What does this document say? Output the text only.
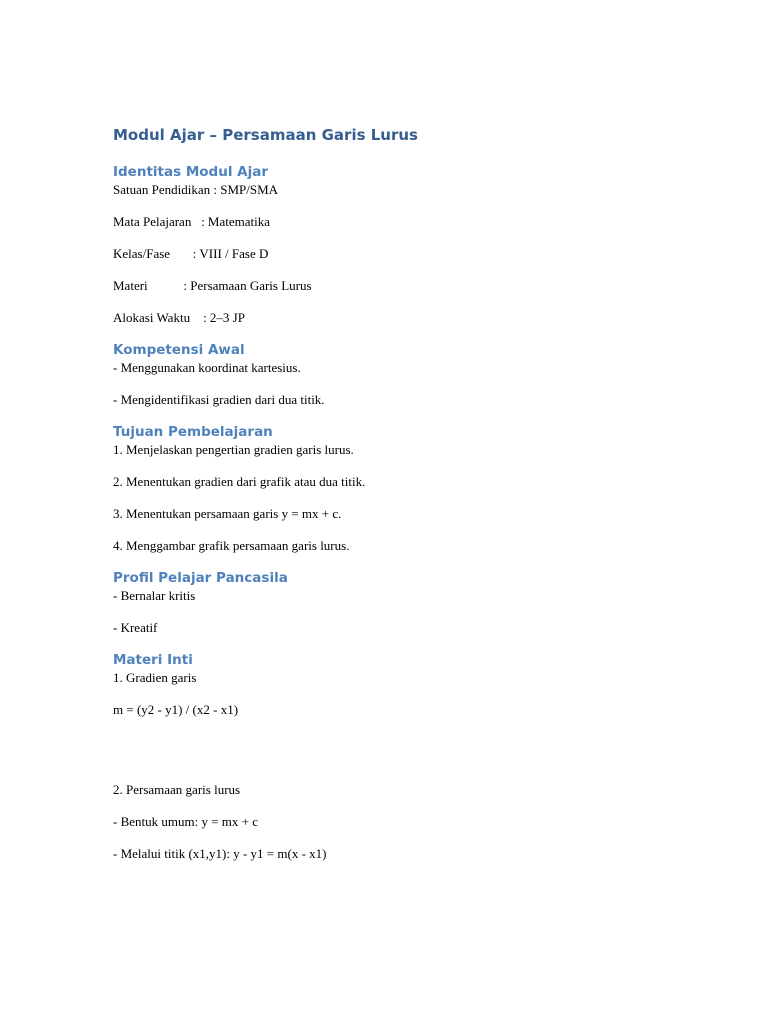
Modul Ajar – Persamaan Garis Lurus
Identitas Modul Ajar

Satuan Pendidikan : SMP/SMA

Mata Pelajaran   : Matematika

Kelas/Fase       : VIII / Fase D

Materi           : Persamaan Garis Lurus

Alokasi Waktu    : 2–3 JP

Kompetensi Awal

- Menggunakan koordinat kartesius.

- Mengidentifikasi gradien dari dua titik.

Tujuan Pembelajaran

1. Menjelaskan pengertian gradien garis lurus.

2. Menentukan gradien dari grafik atau dua titik.

3. Menentukan persamaan garis y = mx + c.

4. Menggambar grafik persamaan garis lurus.

Profil Pelajar Pancasila

- Bernalar kritis

- Kreatif

Materi Inti

1. Gradien garis

m = (y2 - y1) / (x2 - x1)

2. Persamaan garis lurus

- Bentuk umum: y = mx + c

- Melalui titik (x1,y1): y - y1 = m(x - x1)
